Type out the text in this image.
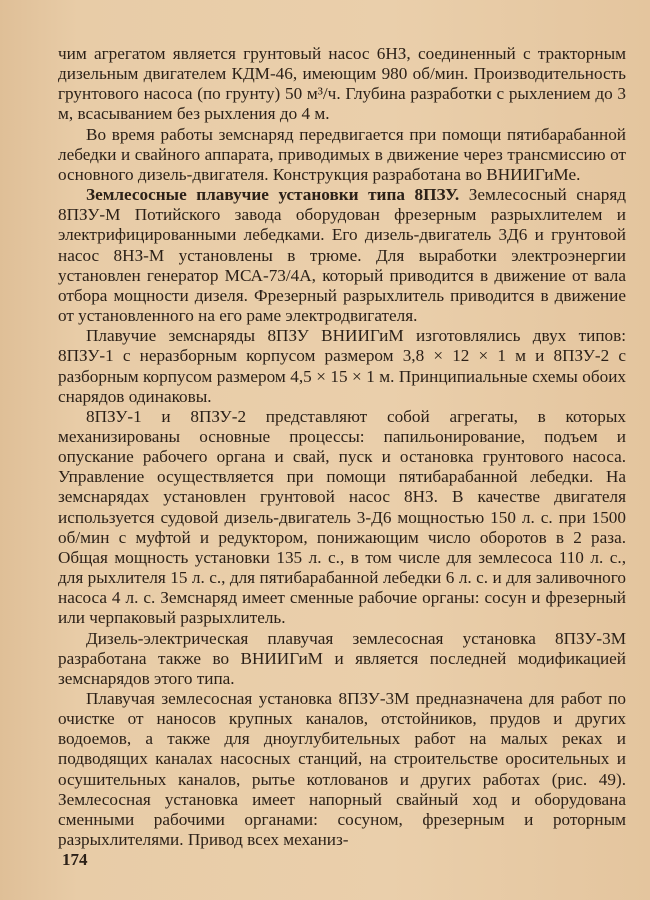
чим агрегатом является грунтовый насос 6НЗ, соединенный с тракторным дизельным двигателем КДМ-46, имеющим 980 об/мин. Производительность грунтового насоса (по грунту) 50 м³/ч. Глубина разработки с рыхлением до 3 м, всасыванием без рыхления до 4 м.

Во время работы земснаряд передвигается при помощи пятибарабанной лебедки и свайного аппарата, приводимых в движение через трансмиссию от основного дизель-двигателя. Конструкция разработана во ВНИИГиМе.

Землесосные плавучие установки типа 8ПЗУ. Землесосный снаряд 8ПЗУ-М Потийского завода оборудован фрезерным разрыхлителем и электрифицированными лебедками. Его дизель-двигатель 3Д6 и грунтовой насос 8НЗ-М установлены в трюме. Для выработки электроэнергии установлен генератор МСА-73/4А, который приводится в движение от вала отбора мощности дизеля. Фрезерный разрыхлитель приводится в движение от установленного на его раме электродвигателя.

Плавучие земснаряды 8ПЗУ ВНИИГиМ изготовлялись двух типов: 8ПЗУ-1 с неразборным корпусом размером 3,8 × 12 × 1 м и 8ПЗУ-2 с разборным корпусом размером 4,5 × 15 × 1 м. Принципиальные схемы обоих снарядов одинаковы.

8ПЗУ-1 и 8ПЗУ-2 представляют собой агрегаты, в которых механизированы основные процессы: папильонирование, подъем и опускание рабочего органа и свай, пуск и остановка грунтового насоса. Управление осуществляется при помощи пятибарабанной лебедки. На земснарядах установлен грунтовой насос 8НЗ. В качестве двигателя используется судовой дизель-двигатель 3-Д6 мощностью 150 л. с. при 1500 об/мин с муфтой и редуктором, понижающим число оборотов в 2 раза. Общая мощность установки 135 л. с., в том числе для землесоса 110 л. с., для рыхлителя 15 л. с., для пятибарабанной лебедки 6 л. с. и для заливочного насоса 4 л. с. Земснаряд имеет сменные рабочие органы: сосун и фрезерный или черпаковый разрыхлитель.

Дизель-электрическая плавучая землесосная установка 8ПЗУ-3М разработана также во ВНИИГиМ и является последней модификацией земснарядов этого типа.

Плавучая землесосная установка 8ПЗУ-3М предназначена для работ по очистке от наносов крупных каналов, отстойников, прудов и других водоемов, а также для дноуглубительных работ на малых реках и подводящих каналах насосных станций, на строительстве оросительных и осушительных каналов, рытье котлованов и других работах (рис. 49). Землесосная установка имеет напорный свайный ход и оборудована сменными рабочими органами: сосуном, фрезерным и роторным разрыхлителями. Привод всех механиз-

174
